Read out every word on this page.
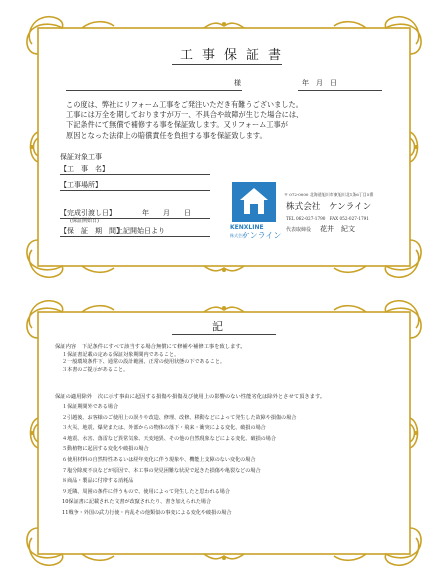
工事保証書
様	年　月　日
この度は、弊社にリフォーム工事をご発注いただき有難うございました。
工事には万全を期しておりますが万一、不具合や故障が生じた場合には、
下記条件にて無償で補修する事を保証致します。又リフォーム工事が
原因となった法律上の賠償責任を負担する事を保証致します。
保証対象工事
【工　事　名】
【工事場所】
【完成引渡し日】
(保証開始日)
年　　月　　日
【保　証　期　間】
上記開始日より	KENXLINE
株式会社
ケンライン
〒 072-0000 北海道旭川市東旭川北1条6丁目5番
株式会社　ケンライン
TEL 062-027-1790　FAX 052-027-1791
代表取締役 花井　紀文
記
保証内容 下記条件にすべて該当する場合無償にて修補や補修工事を致します。
１保証書記載の定める保証対象期間内であること。
２一般環境条件下、通常の設計範囲、正常の使用状態の下であること。
３本書のご提示があること。
保証の適用除外 次に示す事由に起因する損傷や損傷及び使用上の影響のない性能劣化は除外とさせて頂きます。
１保証期間外である場合
２引越後、お客様のご使用上の誤りや改造、修理、改修、移動などによって発生した故障や損傷の場合
３火災、地震、爆発または、外部からの物体の落下・飛来・衝突による変化、破損の場合
４地震、水害、落雷など異常気象、天変地異、その他の自然現象などによる変化、破損の場合
５動植物に起因する変化や破損の場合
６使用材料の自然特性あるいは経年変化に伴う現象や、機能上支障のない変化の場合
７塩分除度不良などが原因で、本工事の発見困難な状況で起きた損傷や亀裂などの場合
８商品・製品に付帯する消耗品
９近隣、周囲の条件に伴うもので、使用によって発生したと思われる場合
10保証書に記載された文書が改竄されたり、書き加えられた場合
11戦争・外国の武力行使・内乱その他類似の事変による変化や破損の場合
